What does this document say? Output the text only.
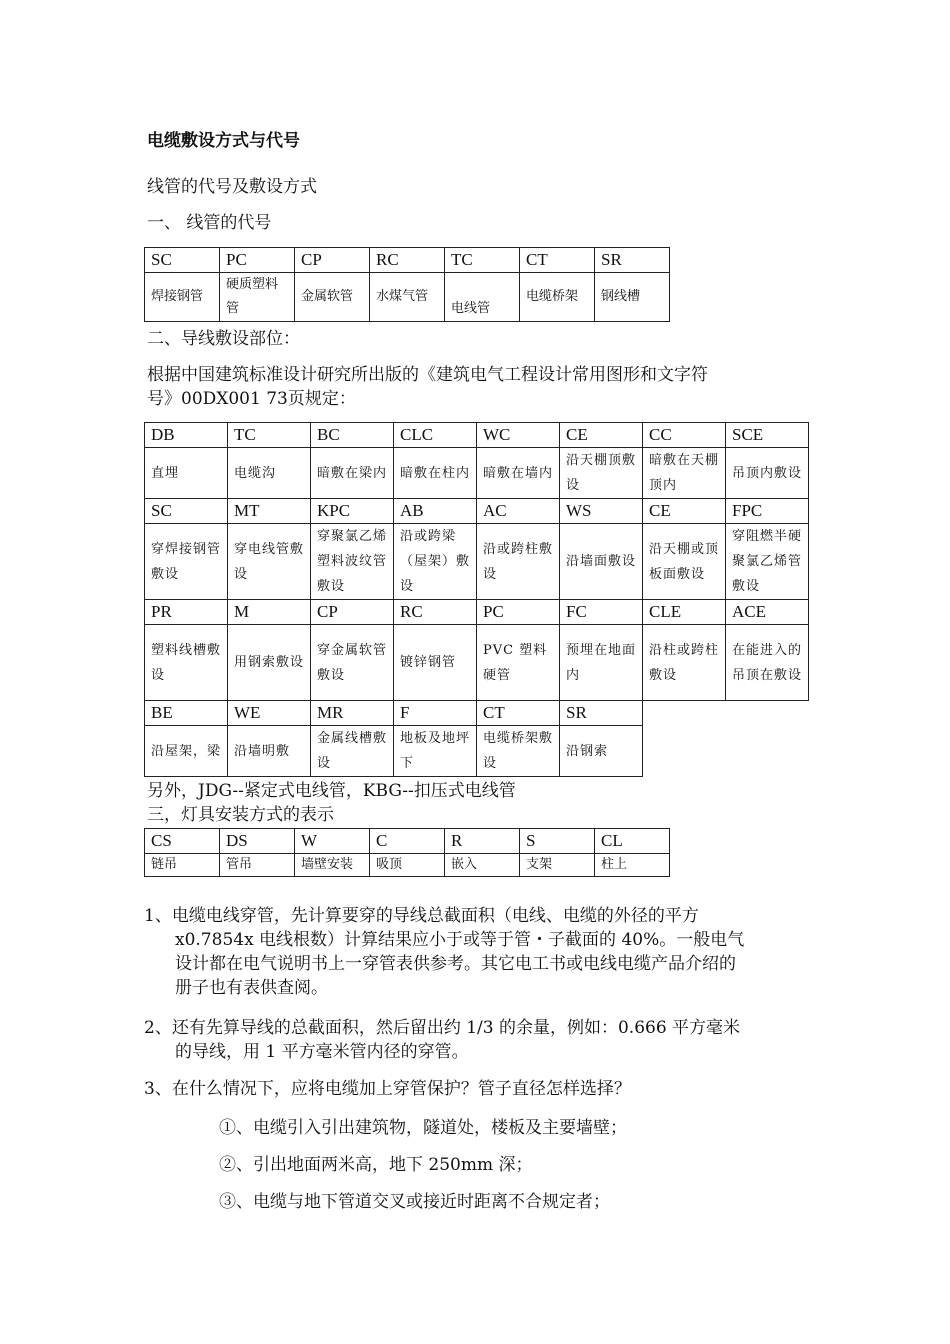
电缆敷设方式与代号
线管的代号及敷设方式
一、 线管的代号
SC	PC	CP	RC	TC	CT	SR
焊接钢管	硬质塑料管	金属软管	水煤气管	电线管	电缆桥架	钢线槽
二、导线敷设部位：
根据中国建筑标准设计研究所出版的《建筑电气工程设计常用图形和文字符
号》00DX001 73页规定：
DB	TC	BC	CLC	WC	CE	CC	SCE
直埋	电缆沟	暗敷在梁内	暗敷在柱内	暗敷在墙内	沿天棚顶敷设	暗敷在天棚顶内	吊顶内敷设
SC	MT	KPC	AB	AC	WS	CE	FPC
穿焊接钢管敷设	穿电线管敷设	穿聚氯乙烯塑料波纹管敷设	沿或跨梁（屋架）敷设	沿或跨柱敷设	沿墙面敷设	沿天棚或顶板面敷设	穿阻燃半硬聚氯乙烯管敷设
PR	M	CP	RC	PC	FC	CLE	ACE
塑料线槽敷设	用钢索敷设	穿金属软管敷设	镀锌钢管	PVC 塑料硬管	预埋在地面内	沿柱或跨柱敷设	在能进入的吊顶在敷设
BE	WE	MR	F	CT	SR		
沿屋架，梁	沿墙明敷	金属线槽敷设	地板及地坪下	电缆桥架敷设	沿钢索		
另外，JDG--紧定式电线管，KBG--扣压式电线管
三，灯具安装方式的表示
CS	DS	W	C	R	S	CL
链吊	管吊	墙壁安装	吸顶	嵌入	支架	柱上
1、电缆电线穿管，先计算要穿的导线总截面积（电线、电缆的外径的平方
x0.7854x 电线根数）计算结果应小于或等于管・子截面的 40%。一般电气
设计都在电气说明书上一穿管表供参考。其它电工书或电线电缆产品介绍的
册子也有表供查阅。
2、还有先算导线的总截面积，然后留出约 1/3 的余量，例如：0.666 平方毫米
的导线，用 1 平方毫米管内径的穿管。
3、在什么情况下，应将电缆加上穿管保护？管子直径怎样选择？
①、电缆引入引出建筑物，隧道处，楼板及主要墙壁；
②、引出地面两米高，地下 250mm 深；
③、电缆与地下管道交叉或接近时距离不合规定者；
